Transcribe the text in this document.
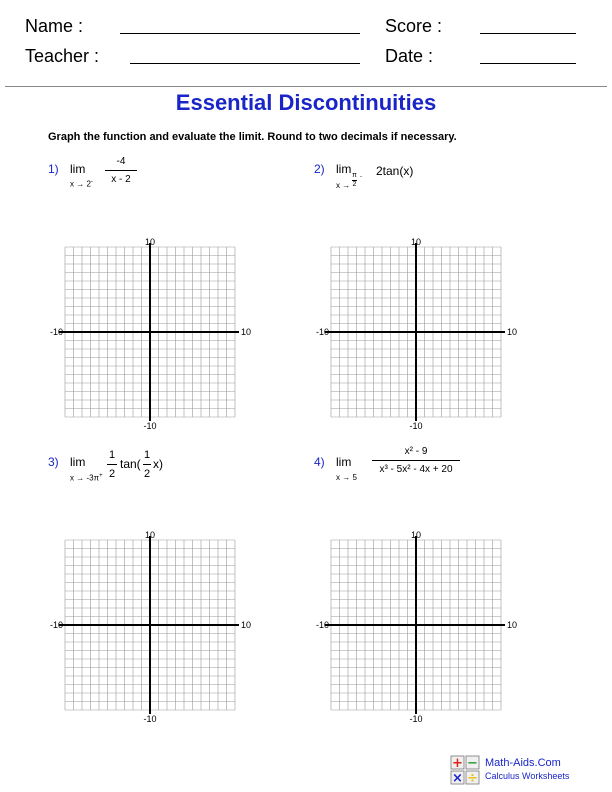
Name :	Score :
Teacher :	Date :
Essential Discontinuities
Graph the function and evaluate the limit. Round to two decimals if necessary.
1) lim
$x \to 2^- \frac{-4}{x - 2}$	2) lim
x →
π
2
- 2tan(x)
3) lim
$x \to -3\pi^+ \frac{1}{2} \tan( \frac{1}{2} x)$	4) lim
x → 5
$\frac{\text{x² - 9}}{\text{x³ - 5x² - 4x + 20}}$
10
-10
-10	10
10
-10
-10	10
10
-10
-10	10
10
-10
-10	10
+ −
× ÷
Math-Aids.Com
Calculus Worksheets
